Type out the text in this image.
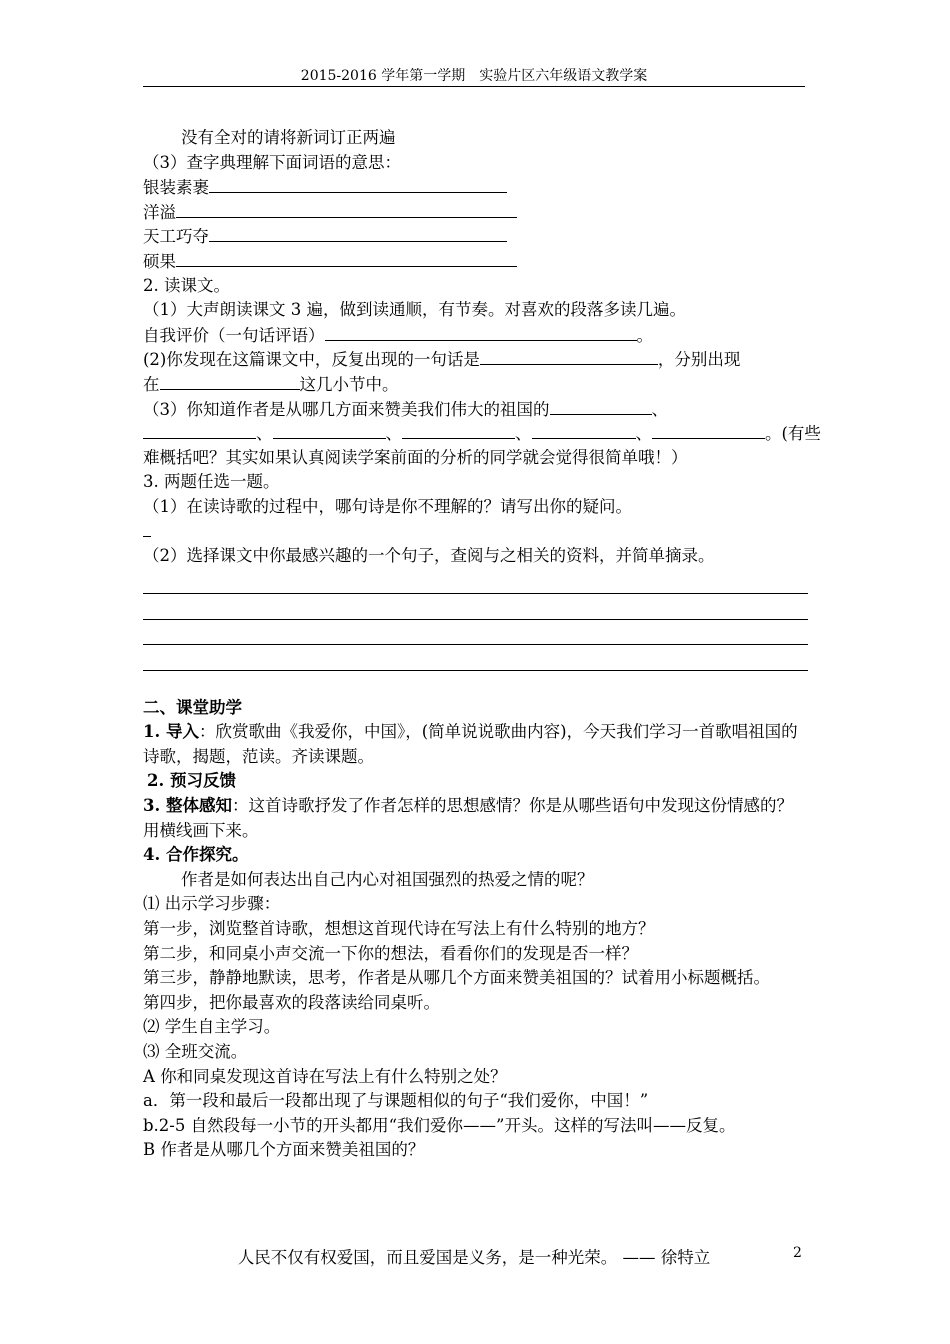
2015-2016 学年第一学期　实验片区六年级语文教学案
没有全对的请将新词订正两遍
（3）查字典理解下面词语的意思：
银装素裹
洋溢
天工巧夺
硕果
2. 读课文。
（1）大声朗读课文 3 遍，做到读通顺，有节奏。对喜欢的段落多读几遍。
自我评价（一句话评语）	。
(2)你发现在这篇课文中，反复出现的一句话是	，分别出现
在	这几小节中。
（3）你知道作者是从哪几方面来赞美我们伟大的祖国的	、
、	、	、	、	。(有些
难概括吧？其实如果认真阅读学案前面的分析的同学就会觉得很简单哦！）
3. 两题任选一题。
（1）在读诗歌的过程中，哪句诗是你不理解的？请写出你的疑问。
（2）选择课文中你最感兴趣的一个句子，查阅与之相关的资料，并简单摘录。
二、课堂助学
1. 导入：欣赏歌曲《我爱你，中国》，(简单说说歌曲内容)，今天我们学习一首歌唱祖国的诗歌，揭题，范读。齐读课题。
2. 预习反馈
3. 整体感知：这首诗歌抒发了作者怎样的思想感情？你是从哪些语句中发现这份情感的？用横线画下来。
4. 合作探究。
作者是如何表达出自己内心对祖国强烈的热爱之情的呢？
⑴ 出示学习步骤：
第一步，浏览整首诗歌，想想这首现代诗在写法上有什么特别的地方？
第二步，和同桌小声交流一下你的想法，看看你们的发现是否一样？
第三步，静静地默读，思考，作者是从哪几个方面来赞美祖国的？试着用小标题概括。
第四步，把你最喜欢的段落读给同桌听。
⑵ 学生自主学习。
⑶ 全班交流。
A 你和同桌发现这首诗在写法上有什么特别之处？
a．第一段和最后一段都出现了与课题相似的句子“我们爱你，中国！”
b.2-5 自然段每一小节的开头都用“我们爱你——”开头。这样的写法叫——反复。
B 作者是从哪几个方面来赞美祖国的？
人民不仅有权爱国，而且爱国是义务，是一种光荣。 —— 徐特立	2
